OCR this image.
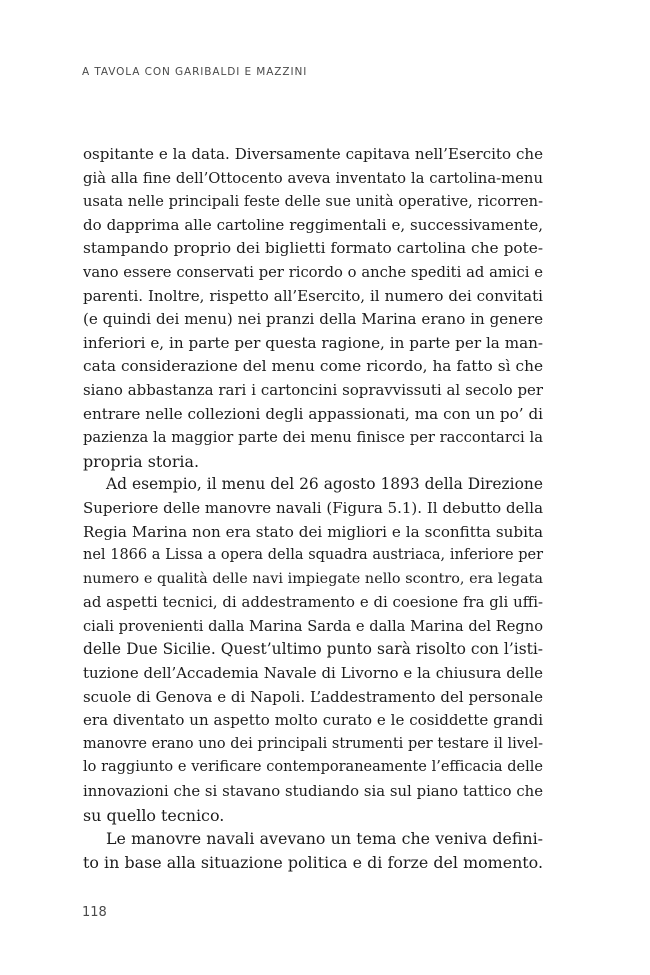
A TAVOLA CON GARIBALDI E MAZZINI
ospitante e la data. Diversamente capitava nell’Esercito che
già alla fine dell’Ottocento aveva inventato la cartolina-menu
usata nelle principali feste delle sue unità operative, ricorren-
do dapprima alle cartoline reggimentali e, successivamente,
stampando proprio dei biglietti formato cartolina che pote-
vano essere conservati per ricordo o anche spediti ad amici e
parenti. Inoltre, rispetto all’Esercito, il numero dei convitati
(e quindi dei menu) nei pranzi della Marina erano in genere
inferiori e, in parte per questa ragione, in parte per la man-
cata considerazione del menu come ricordo, ha fatto sì che
siano abbastanza rari i cartoncini sopravvissuti al secolo per
entrare nelle collezioni degli appassionati, ma con un po’ di
pazienza la maggior parte dei menu finisce per raccontarci la
propria storia.
Ad esempio, il menu del 26 agosto 1893 della Direzione
Superiore delle manovre navali (Figura 5.1). Il debutto della
Regia Marina non era stato dei migliori e la sconfitta subita
nel 1866 a Lissa a opera della squadra austriaca, inferiore per
numero e qualità delle navi impiegate nello scontro, era legata
ad aspetti tecnici, di addestramento e di coesione fra gli uffi-
ciali provenienti dalla Marina Sarda e dalla Marina del Regno
delle Due Sicilie. Quest’ultimo punto sarà risolto con l’isti-
tuzione dell’Accademia Navale di Livorno e la chiusura delle
scuole di Genova e di Napoli. L’addestramento del personale
era diventato un aspetto molto curato e le cosiddette grandi
manovre erano uno dei principali strumenti per testare il livel-
lo raggiunto e verificare contemporaneamente l’efficacia delle
innovazioni che si stavano studiando sia sul piano tattico che
su quello tecnico.
Le manovre navali avevano un tema che veniva defini-
to in base alla situazione politica e di forze del momento.
118
